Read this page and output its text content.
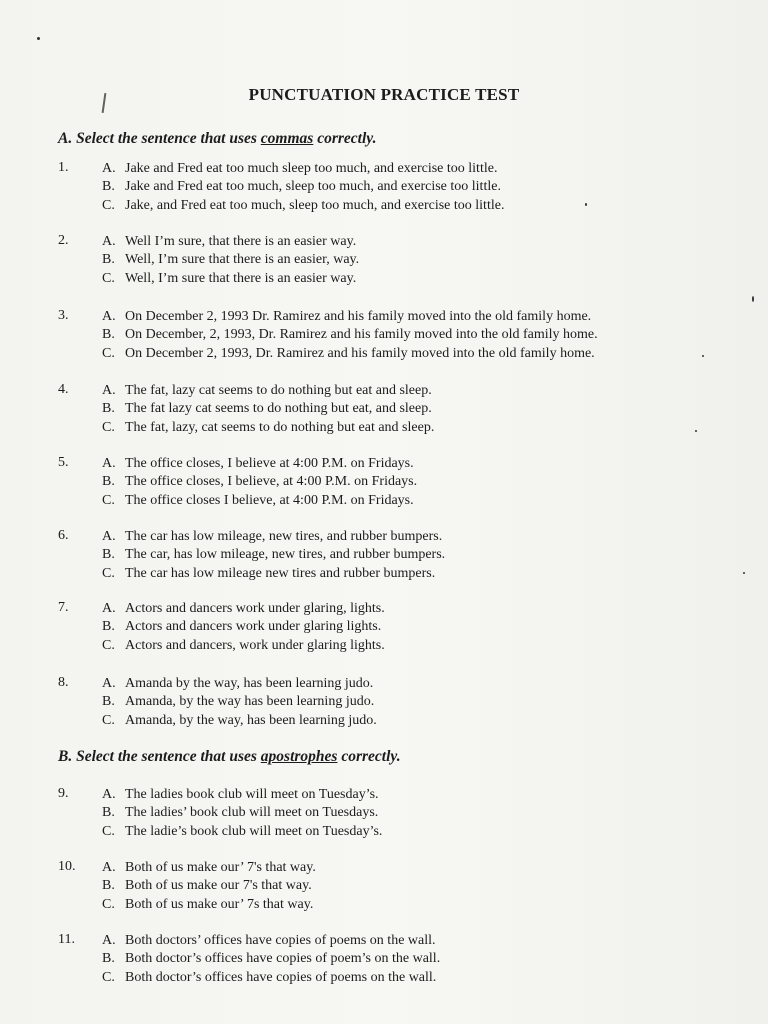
PUNCTUATION PRACTICE TEST
A. Select the sentence that uses commas correctly.
B. Select the sentence that uses apostrophes correctly.
1. A. Jake and Fred eat too much sleep too much, and exercise too little.
B. Jake and Fred eat too much, sleep too much, and exercise too little.
C. Jake, and Fred eat too much, sleep too much, and exercise too little.
2. A. Well I’m sure, that there is an easier way.
B. Well, I’m sure that there is an easier, way.
C. Well, I’m sure that there is an easier way.
3. A. On December 2, 1993 Dr. Ramirez and his family moved into the old family home.
B. On December, 2, 1993, Dr. Ramirez and his family moved into the old family home.
C. On December 2, 1993, Dr. Ramirez and his family moved into the old family home.
4. A. The fat, lazy cat seems to do nothing but eat and sleep.
B. The fat lazy cat seems to do nothing but eat, and sleep.
C. The fat, lazy, cat seems to do nothing but eat and sleep.
5. A. The office closes, I believe at 4:00 P.M. on Fridays.
B. The office closes, I believe, at 4:00 P.M. on Fridays.
C. The office closes I believe, at 4:00 P.M. on Fridays.
6. A. The car has low mileage, new tires, and rubber bumpers.
B. The car, has low mileage, new tires, and rubber bumpers.
C. The car has low mileage new tires and rubber bumpers.
7. A. Actors and dancers work under glaring, lights.
B. Actors and dancers work under glaring lights.
C. Actors and dancers, work under glaring lights.
8. A. Amanda by the way, has been learning judo.
B. Amanda, by the way has been learning judo.
C. Amanda, by the way, has been learning judo.
9. A. The ladies book club will meet on Tuesday’s.
B. The ladies’ book club will meet on Tuesdays.
C. The ladie’s book club will meet on Tuesday’s.
10. A. Both of us make our’ 7's that way.
B. Both of us make our 7's that way.
C. Both of us make our’ 7s that way.
11. A. Both doctors’ offices have copies of poems on the wall.
B. Both doctor’s offices have copies of poem’s on the wall.
C. Both doctor’s offices have copies of poems on the wall.
